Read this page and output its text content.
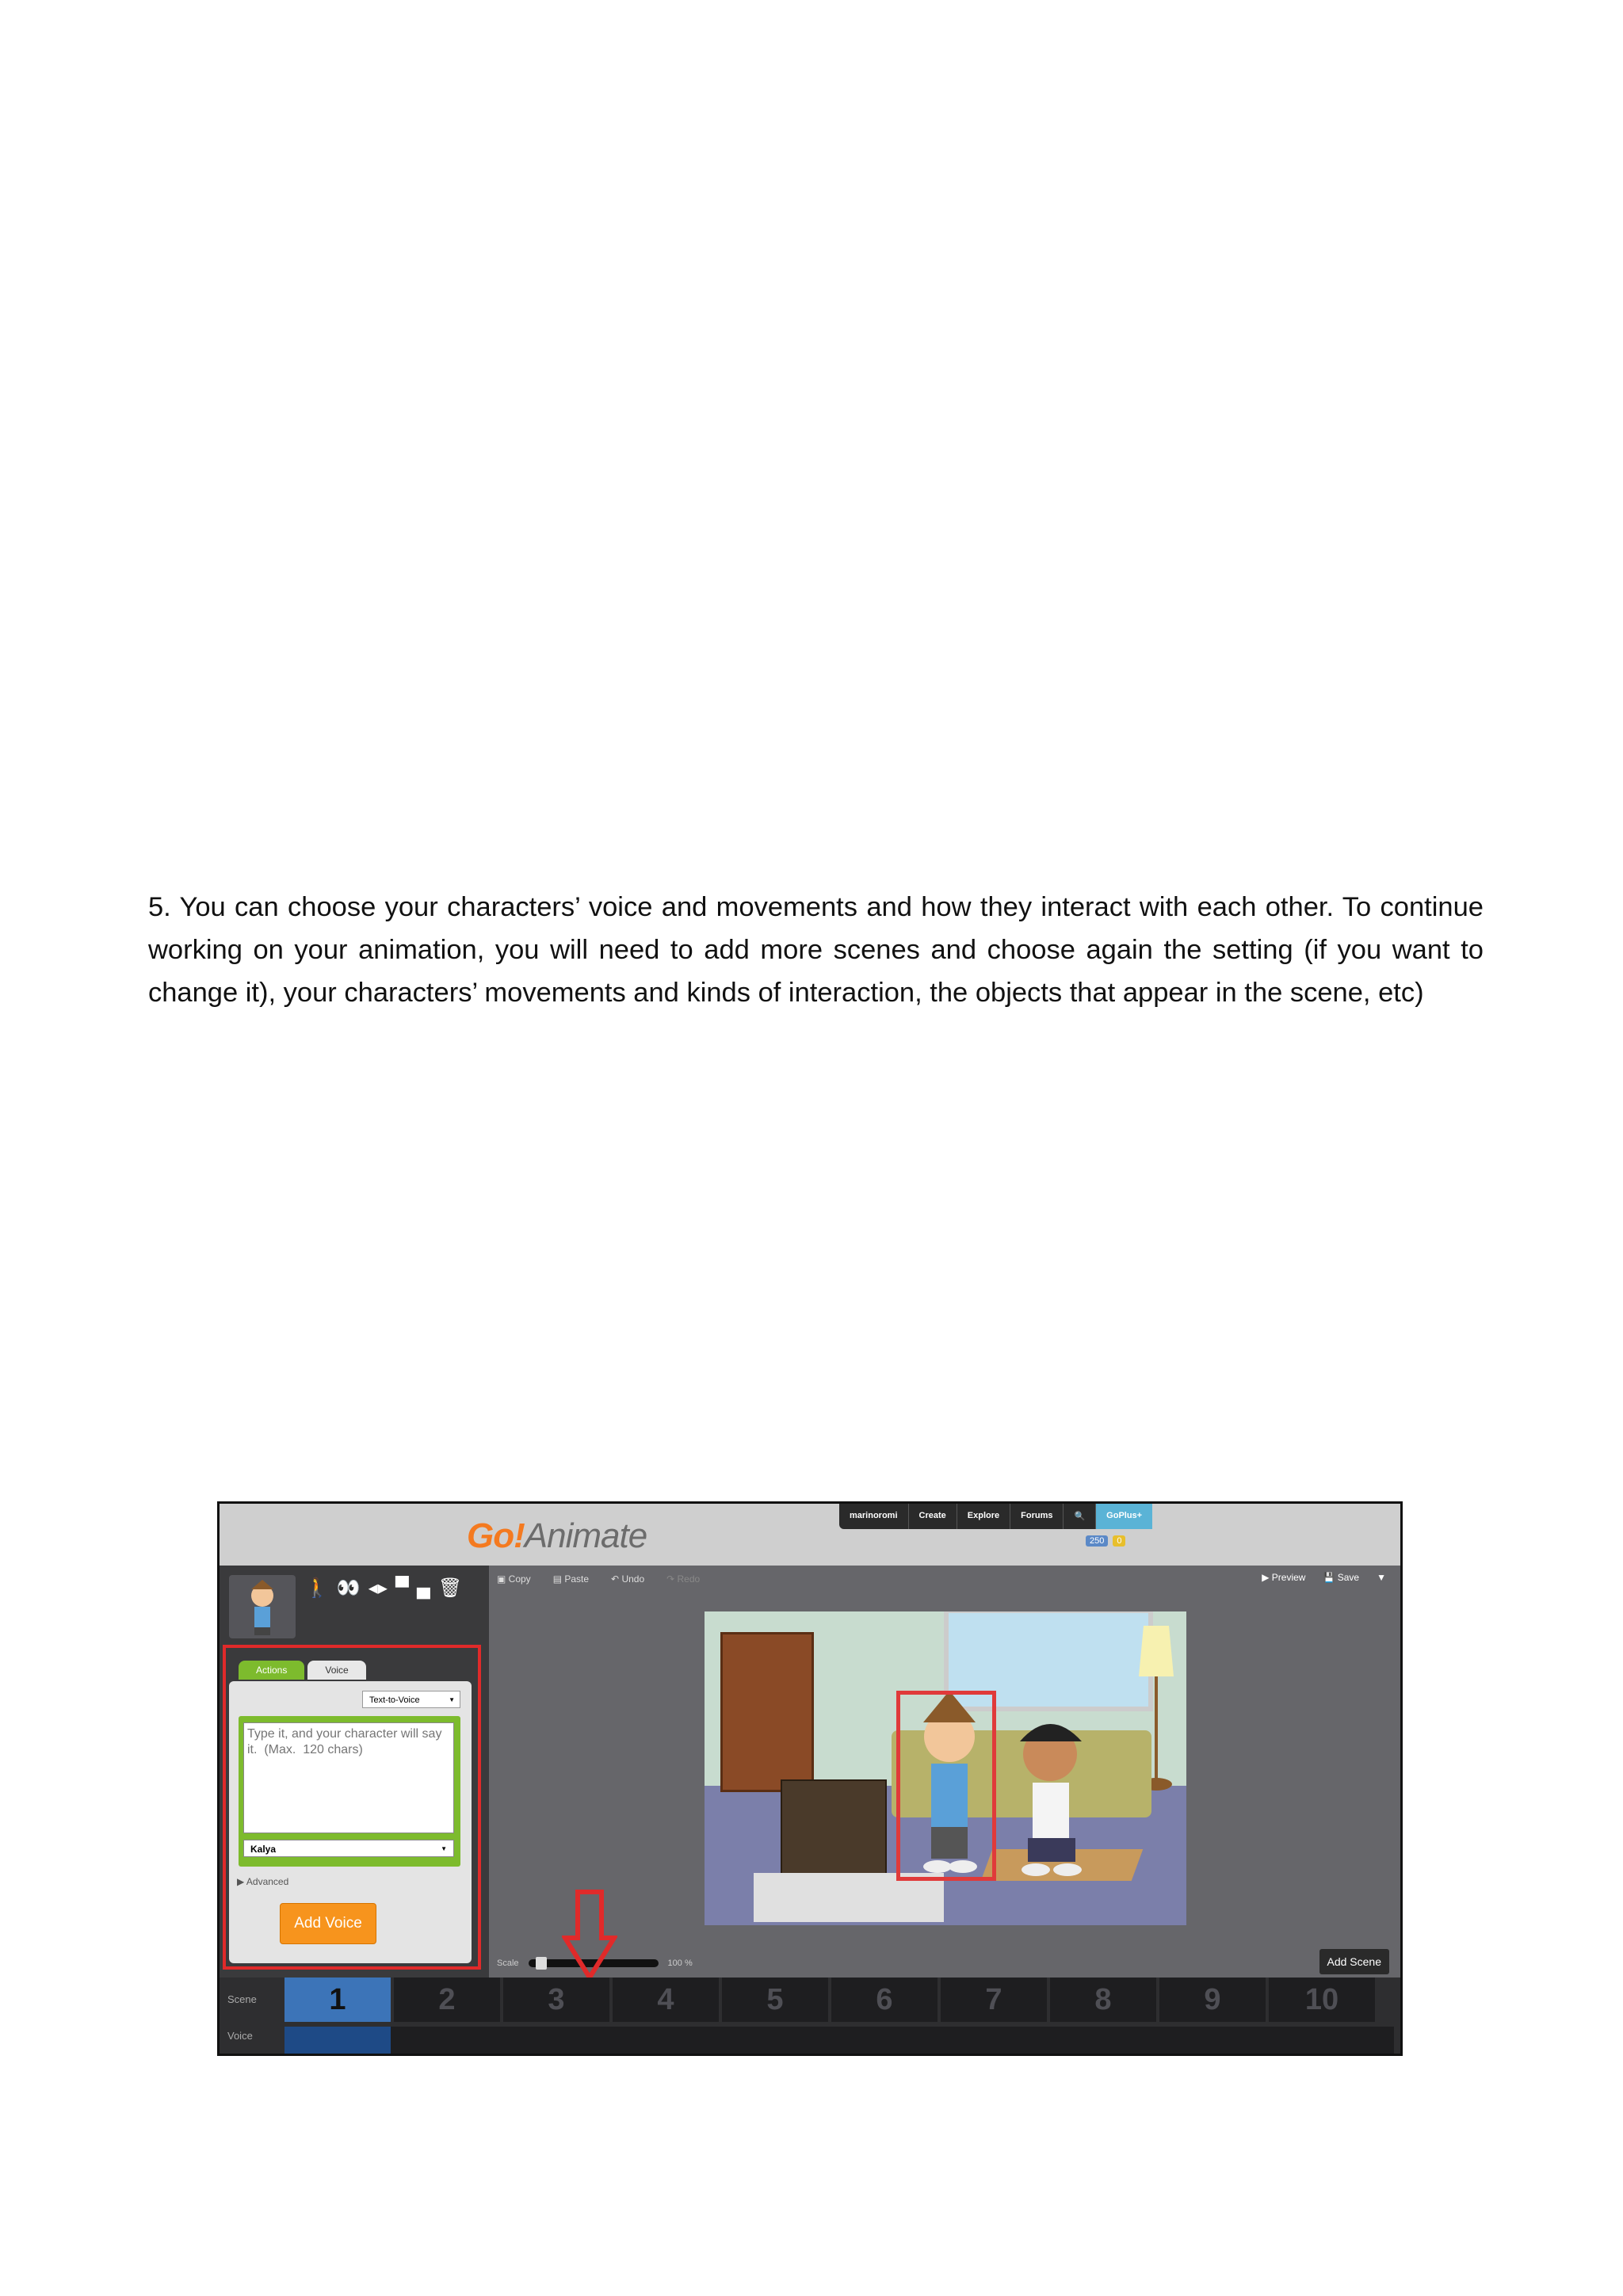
5. You can choose your characters’ voice and movements and how they interact with each other. To continue working on your animation, you will need to add more scenes and choose again the setting (if you want to change it), your characters’ movements and kinds of interaction, the objects that appear in the scene, etc)
Go!Animate
marinoromi	Create	Explore	Forums	🔍	GoPlus+
250	0
🚶 👀 ◂▸ ▀ ▄ 🗑
Actions	Voice
Text-to-Voice ▼
Type it, and your character will say it. (Max. 120 chars)
Kalya ▼
▶ Advanced
Add Voice
▣ Copy ▤ Paste ↶ Undo ↷ Redo	▶ Preview 💾 Save ▼
Scale	100 %	Add Scene
Scene
Voice
1	2	3	4	5	6	7	8	9	10
